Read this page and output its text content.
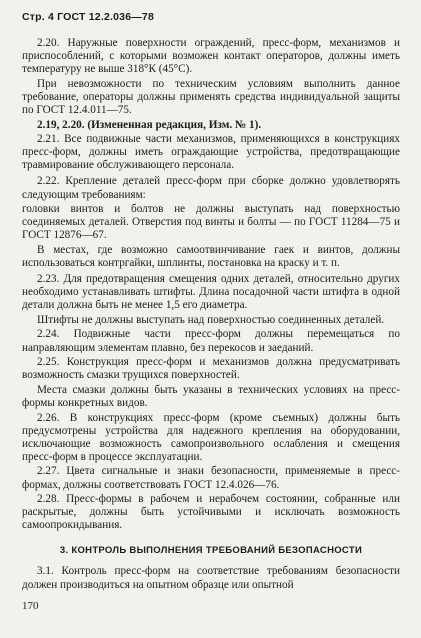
Стр. 4 ГОСТ 12.2.036—78

2.20. Наружные поверхности ограждений, пресс-форм, механизмов и приспособлений, с которыми возможен контакт операторов, должны иметь температуру не выше 318°К (45°С).

При невозможности по техническим условиям выполнить данное требование, операторы должны применять средства индивидуальной защиты по ГОСТ 12.4.011—75.

2.19, 2.20. (Измененная редакция, Изм. № 1).

2.21. Все подвижные части механизмов, применяющихся в конструкциях пресс-форм, должны иметь ограждающие устройства, предотвращающие травмирование обслуживающего персонала.

2.22. Крепление деталей пресс-форм при сборке должно удовлетворять следующим требованиям:

головки винтов и болтов не должны выступать над поверхностью соединяемых деталей. Отверстия под винты и болты — по ГОСТ 11284—75 и ГОСТ 12876—67.

В местах, где возможно самоотвинчивание гаек и винтов, должны использоваться контргайки, шплинты, постановка на краску и т. п.

2.23. Для предотвращения смещения одних деталей, относительно других необходимо устанавливать штифты. Длина посадочной части штифта в одной детали должна быть не менее 1,5 его диаметра.

Штифты не должны выступать над поверхностью соединенных деталей.

2.24. Подвижные части пресс-форм должны перемещаться по направляющим элементам плавно, без перекосов и заеданий.

2.25. Конструкция пресс-форм и механизмов должна предусматривать возможность смазки трущихся поверхностей.

Места смазки должны быть указаны в технических условиях на пресс-формы конкретных видов.

2.26. В конструкциях пресс-форм (кроме съемных) должны быть предусмотрены устройства для надежного крепления на оборудовании, исключающие возможность самопроизвольного ослабления и смещения пресс-форм в процессе эксплуатации.

2.27. Цвета сигнальные и знаки безопасности, применяемые в пресс-формах, должны соответствовать ГОСТ 12.4.026—76.

2.28. Пресс-формы в рабочем и нерабочем состоянии, собранные или раскрытые, должны быть устойчивыми и исключать возможность самоопрокидывания.

3. КОНТРОЛЬ ВЫПОЛНЕНИЯ ТРЕБОВАНИЙ БЕЗОПАСНОСТИ

3.1. Контроль пресс-форм на соответствие требованиям безопасности должен производиться на опытном образце или опытной

170
